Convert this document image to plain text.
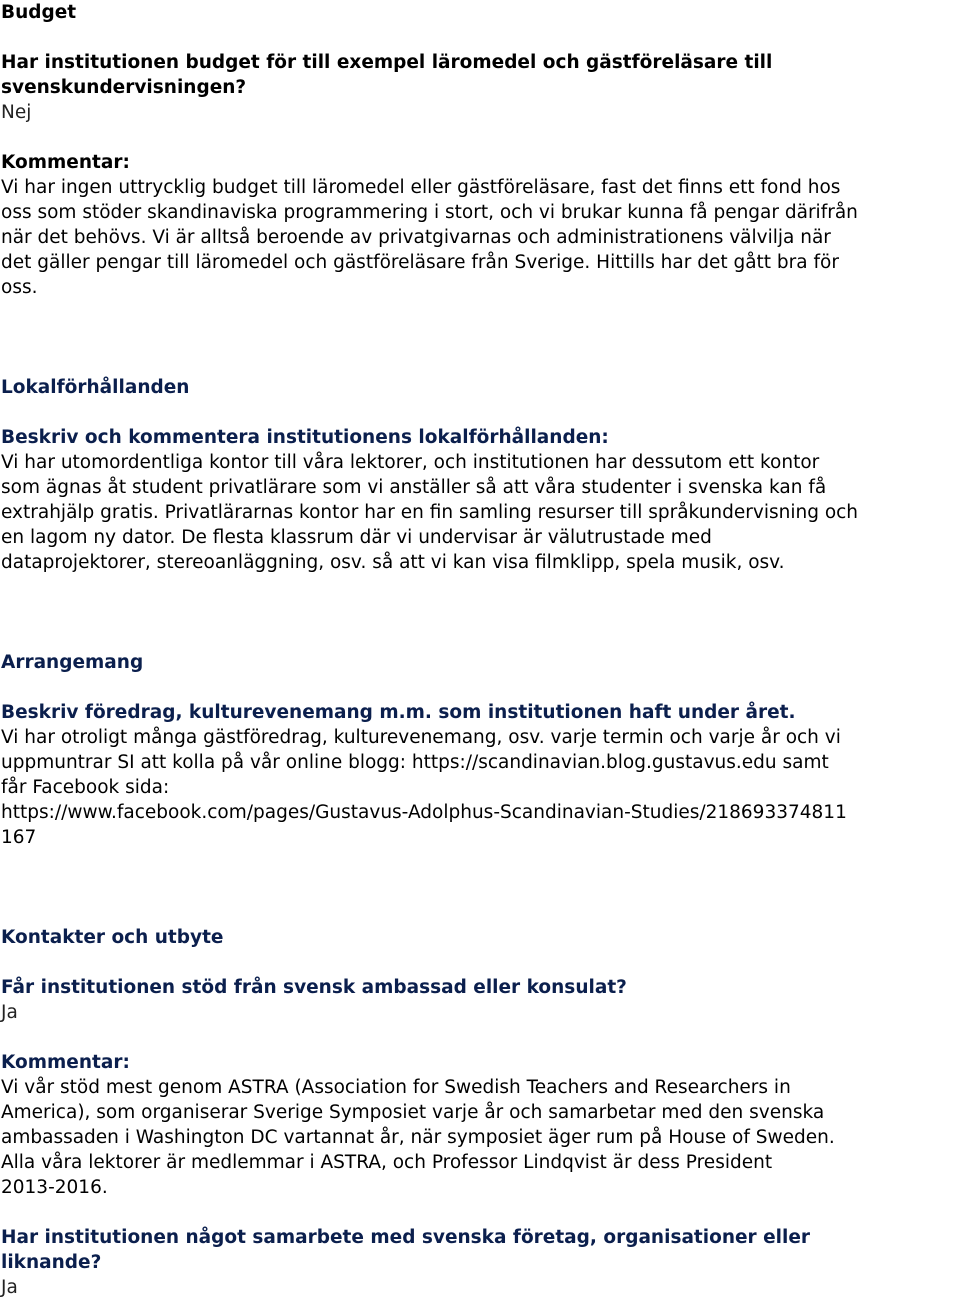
Budget
Har institutionen budget för till exempel läromedel och gästföreläsare till
svenskundervisningen?
Nej
Kommentar:
Vi har ingen uttrycklig budget till läromedel eller gästföreläsare, fast det finns ett fond hos
oss som stöder skandinaviska programmering i stort, och vi brukar kunna få pengar därifrån
när det behövs. Vi är alltså beroende av privatgivarnas och administrationens välvilja när
det gäller pengar till läromedel och gästföreläsare från Sverige. Hittills har det gått bra för
oss.
Lokalförhållanden
Beskriv och kommentera institutionens lokalförhållanden:
Vi har utomordentliga kontor till våra lektorer, och institutionen har dessutom ett kontor
som ägnas åt student privatlärare som vi anställer så att våra studenter i svenska kan få
extrahjälp gratis. Privatlärarnas kontor har en fin samling resurser till språkundervisning och
en lagom ny dator. De flesta klassrum där vi undervisar är välutrustade med
dataprojektorer, stereoanläggning, osv. så att vi kan visa filmklipp, spela musik, osv.
Arrangemang
Beskriv föredrag, kulturevenemang m.m. som institutionen haft under året.
Vi har otroligt många gästföredrag, kulturevenemang, osv. varje termin och varje år och vi
uppmuntrar SI att kolla på vår online blogg: https://scandinavian.blog.gustavus.edu samt
får Facebook sida:
https://www.facebook.com/pages/Gustavus-Adolphus-Scandinavian-Studies/218693374811
167
Kontakter och utbyte
Får institutionen stöd från svensk ambassad eller konsulat?
Ja
Kommentar:
Vi vår stöd mest genom ASTRA (Association for Swedish Teachers and Researchers in
America), som organiserar Sverige Symposiet varje år och samarbetar med den svenska
ambassaden i Washington DC vartannat år, när symposiet äger rum på House of Sweden.
Alla våra lektorer är medlemmar i ASTRA, och Professor Lindqvist är dess President
2013-2016.
Har institutionen något samarbete med svenska företag, organisationer eller
liknande?
Ja
